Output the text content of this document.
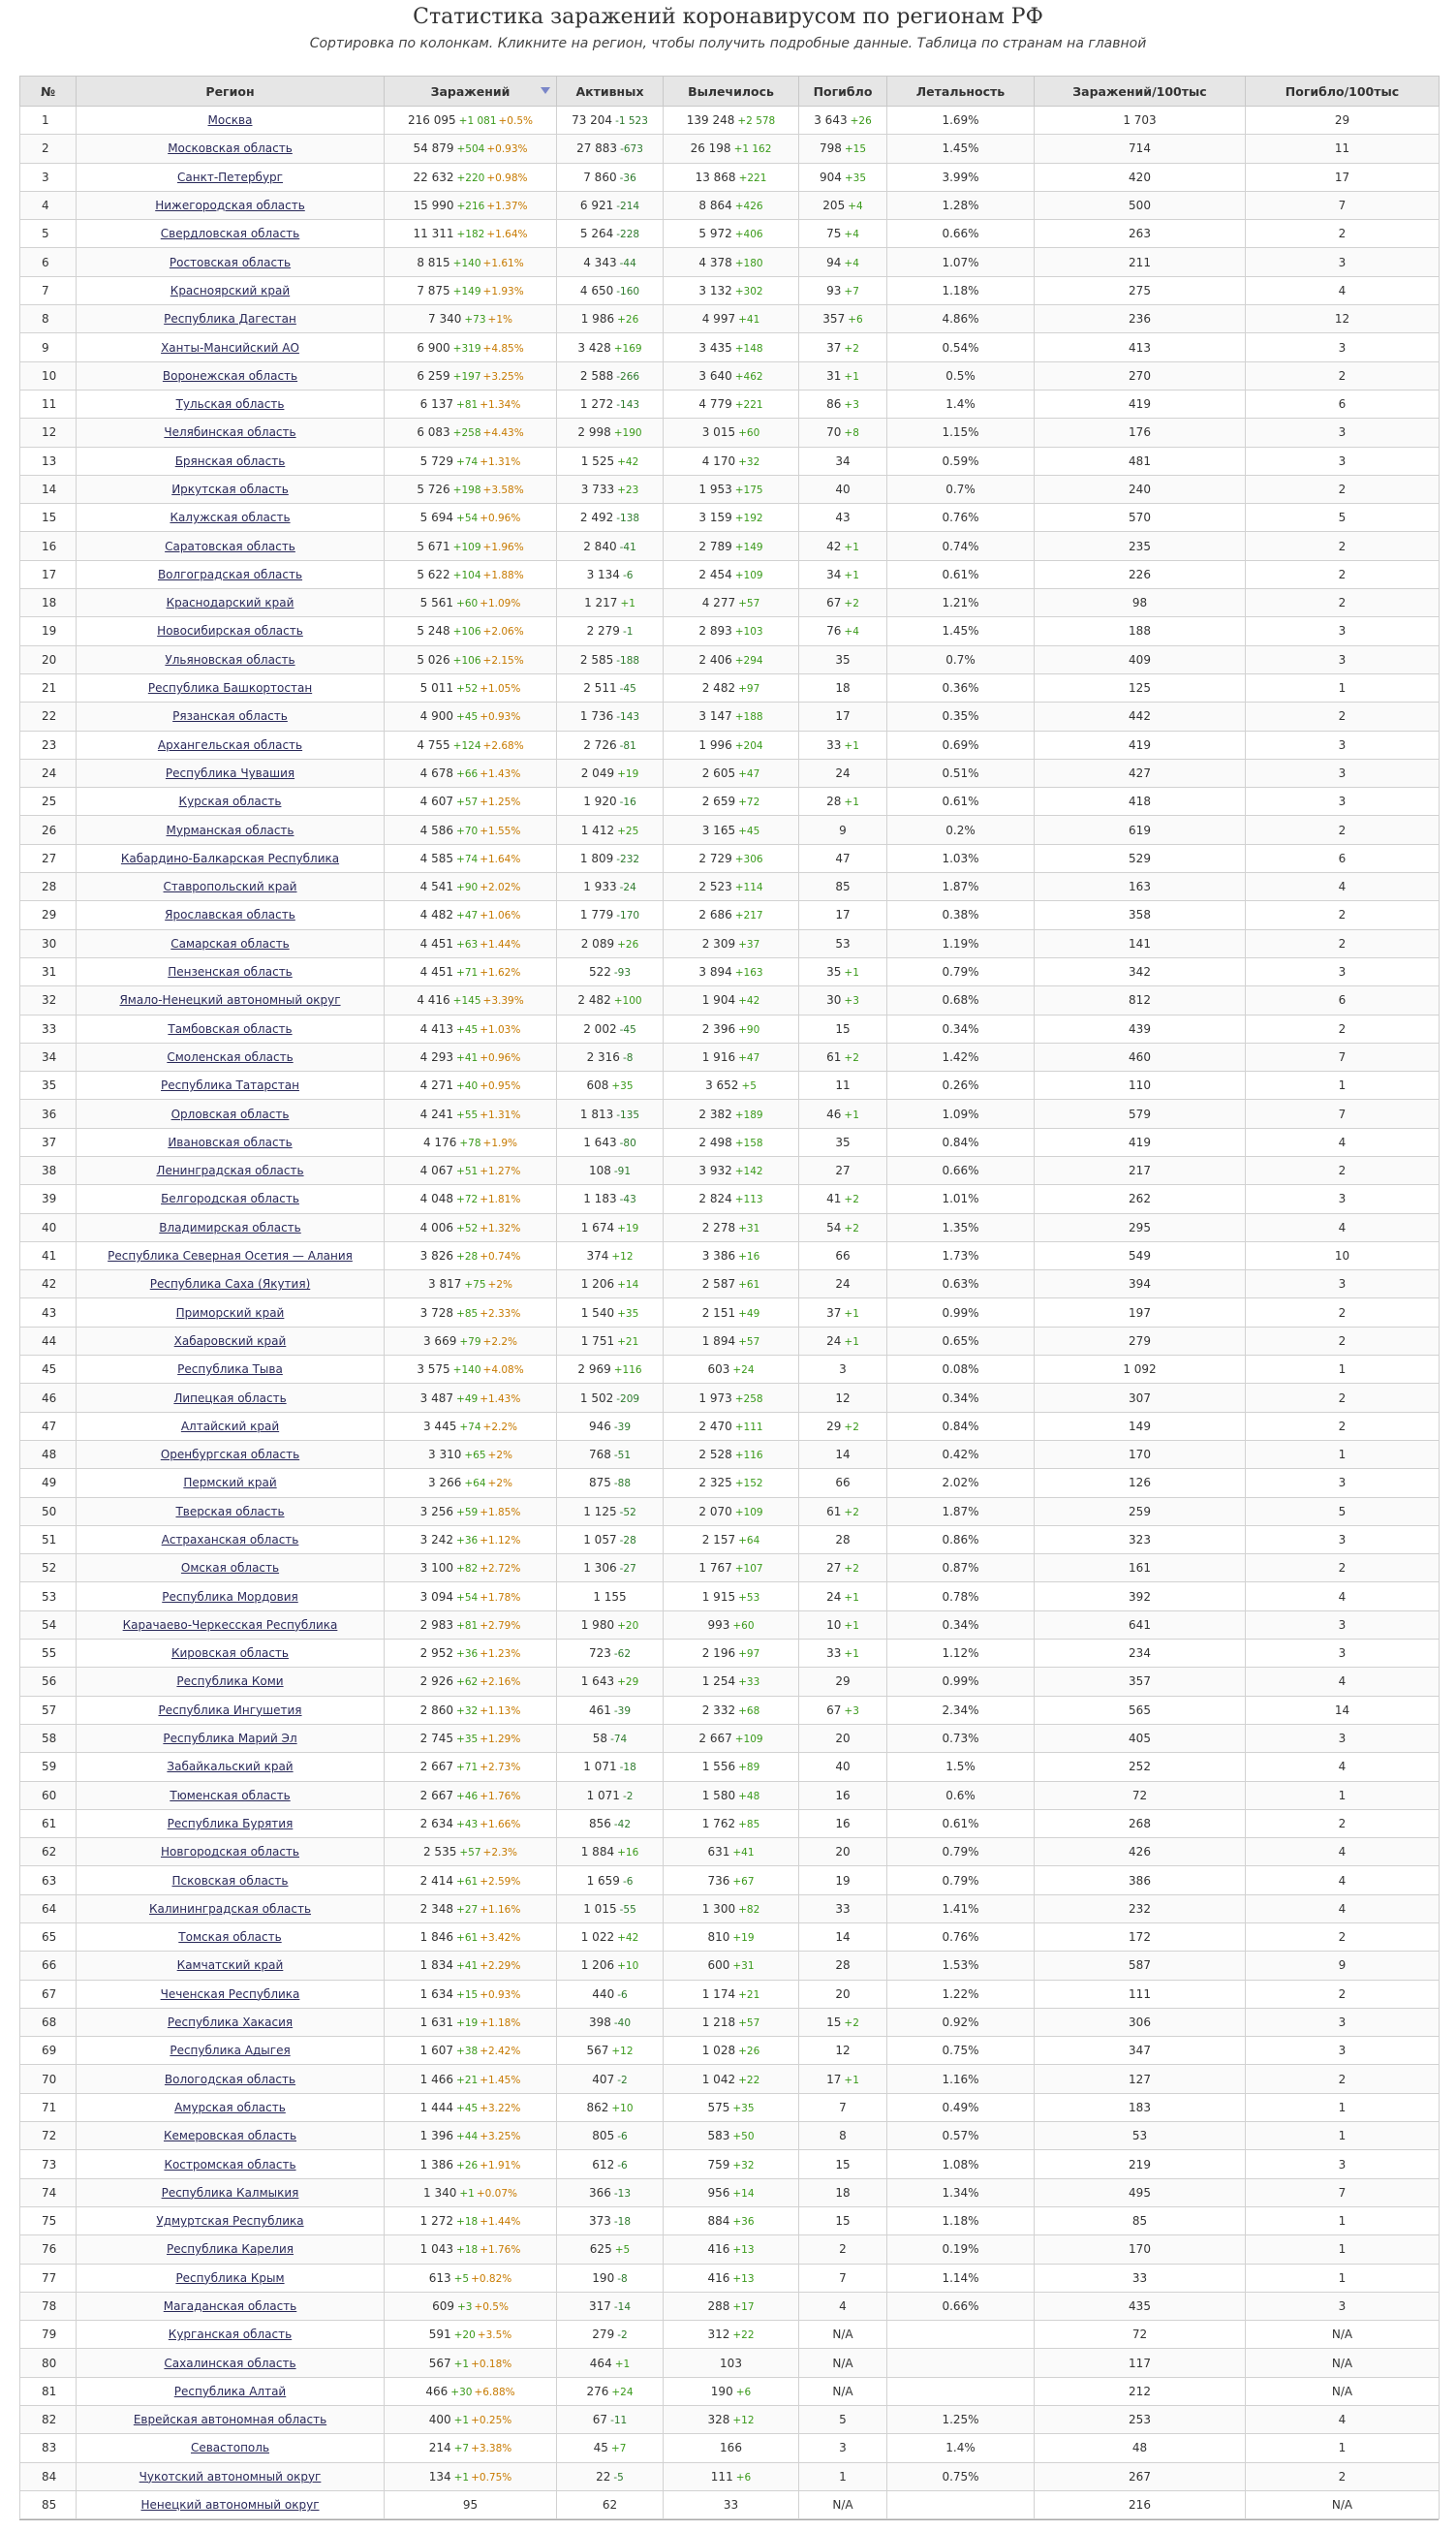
Статистика заражений коронавирусом по регионам РФ
Сортировка по колонкам. Кликните на регион, чтобы получить подробные данные. Таблица по странам на главной
№	Регион	Заражений	Активных	Вылечилось	Погибло	Летальность	Заражений/100тыс	Погибло/100тыс
1	Москва	216 095 +1 081 +0.5%	73 204 -1 523	139 248 +2 578	3 643 +26	1.69%	1 703	29
2	Московская область	54 879 +504 +0.93%	27 883 -673	26 198 +1 162	798 +15	1.45%	714	11
3	Санкт-Петербург	22 632 +220 +0.98%	7 860 -36	13 868 +221	904 +35	3.99%	420	17
4	Нижегородская область	15 990 +216 +1.37%	6 921 -214	8 864 +426	205 +4	1.28%	500	7
5	Свердловская область	11 311 +182 +1.64%	5 264 -228	5 972 +406	75 +4	0.66%	263	2
6	Ростовская область	8 815 +140 +1.61%	4 343 -44	4 378 +180	94 +4	1.07%	211	3
7	Красноярский край	7 875 +149 +1.93%	4 650 -160	3 132 +302	93 +7	1.18%	275	4
8	Республика Дагестан	7 340 +73 +1%	1 986 +26	4 997 +41	357 +6	4.86%	236	12
9	Ханты-Мансийский АО	6 900 +319 +4.85%	3 428 +169	3 435 +148	37 +2	0.54%	413	3
10	Воронежская область	6 259 +197 +3.25%	2 588 -266	3 640 +462	31 +1	0.5%	270	2
11	Тульская область	6 137 +81 +1.34%	1 272 -143	4 779 +221	86 +3	1.4%	419	6
12	Челябинская область	6 083 +258 +4.43%	2 998 +190	3 015 +60	70 +8	1.15%	176	3
13	Брянская область	5 729 +74 +1.31%	1 525 +42	4 170 +32	34	0.59%	481	3
14	Иркутская область	5 726 +198 +3.58%	3 733 +23	1 953 +175	40	0.7%	240	2
15	Калужская область	5 694 +54 +0.96%	2 492 -138	3 159 +192	43	0.76%	570	5
16	Саратовская область	5 671 +109 +1.96%	2 840 -41	2 789 +149	42 +1	0.74%	235	2
17	Волгоградская область	5 622 +104 +1.88%	3 134 -6	2 454 +109	34 +1	0.61%	226	2
18	Краснодарский край	5 561 +60 +1.09%	1 217 +1	4 277 +57	67 +2	1.21%	98	2
19	Новосибирская область	5 248 +106 +2.06%	2 279 -1	2 893 +103	76 +4	1.45%	188	3
20	Ульяновская область	5 026 +106 +2.15%	2 585 -188	2 406 +294	35	0.7%	409	3
21	Республика Башкортостан	5 011 +52 +1.05%	2 511 -45	2 482 +97	18	0.36%	125	1
22	Рязанская область	4 900 +45 +0.93%	1 736 -143	3 147 +188	17	0.35%	442	2
23	Архангельская область	4 755 +124 +2.68%	2 726 -81	1 996 +204	33 +1	0.69%	419	3
24	Республика Чувашия	4 678 +66 +1.43%	2 049 +19	2 605 +47	24	0.51%	427	3
25	Курская область	4 607 +57 +1.25%	1 920 -16	2 659 +72	28 +1	0.61%	418	3
26	Мурманская область	4 586 +70 +1.55%	1 412 +25	3 165 +45	9	0.2%	619	2
27	Кабардино-Балкарская Республика	4 585 +74 +1.64%	1 809 -232	2 729 +306	47	1.03%	529	6
28	Ставропольский край	4 541 +90 +2.02%	1 933 -24	2 523 +114	85	1.87%	163	4
29	Ярославская область	4 482 +47 +1.06%	1 779 -170	2 686 +217	17	0.38%	358	2
30	Самарская область	4 451 +63 +1.44%	2 089 +26	2 309 +37	53	1.19%	141	2
31	Пензенская область	4 451 +71 +1.62%	522 -93	3 894 +163	35 +1	0.79%	342	3
32	Ямало-Ненецкий автономный округ	4 416 +145 +3.39%	2 482 +100	1 904 +42	30 +3	0.68%	812	6
33	Тамбовская область	4 413 +45 +1.03%	2 002 -45	2 396 +90	15	0.34%	439	2
34	Смоленская область	4 293 +41 +0.96%	2 316 -8	1 916 +47	61 +2	1.42%	460	7
35	Республика Татарстан	4 271 +40 +0.95%	608 +35	3 652 +5	11	0.26%	110	1
36	Орловская область	4 241 +55 +1.31%	1 813 -135	2 382 +189	46 +1	1.09%	579	7
37	Ивановская область	4 176 +78 +1.9%	1 643 -80	2 498 +158	35	0.84%	419	4
38	Ленинградская область	4 067 +51 +1.27%	108 -91	3 932 +142	27	0.66%	217	2
39	Белгородская область	4 048 +72 +1.81%	1 183 -43	2 824 +113	41 +2	1.01%	262	3
40	Владимирская область	4 006 +52 +1.32%	1 674 +19	2 278 +31	54 +2	1.35%	295	4
41	Республика Северная Осетия — Алания	3 826 +28 +0.74%	374 +12	3 386 +16	66	1.73%	549	10
42	Республика Саха (Якутия)	3 817 +75 +2%	1 206 +14	2 587 +61	24	0.63%	394	3
43	Приморский край	3 728 +85 +2.33%	1 540 +35	2 151 +49	37 +1	0.99%	197	2
44	Хабаровский край	3 669 +79 +2.2%	1 751 +21	1 894 +57	24 +1	0.65%	279	2
45	Республика Тыва	3 575 +140 +4.08%	2 969 +116	603 +24	3	0.08%	1 092	1
46	Липецкая область	3 487 +49 +1.43%	1 502 -209	1 973 +258	12	0.34%	307	2
47	Алтайский край	3 445 +74 +2.2%	946 -39	2 470 +111	29 +2	0.84%	149	2
48	Оренбургская область	3 310 +65 +2%	768 -51	2 528 +116	14	0.42%	170	1
49	Пермский край	3 266 +64 +2%	875 -88	2 325 +152	66	2.02%	126	3
50	Тверская область	3 256 +59 +1.85%	1 125 -52	2 070 +109	61 +2	1.87%	259	5
51	Астраханская область	3 242 +36 +1.12%	1 057 -28	2 157 +64	28	0.86%	323	3
52	Омская область	3 100 +82 +2.72%	1 306 -27	1 767 +107	27 +2	0.87%	161	2
53	Республика Мордовия	3 094 +54 +1.78%	1 155	1 915 +53	24 +1	0.78%	392	4
54	Карачаево-Черкесская Республика	2 983 +81 +2.79%	1 980 +20	993 +60	10 +1	0.34%	641	3
55	Кировская область	2 952 +36 +1.23%	723 -62	2 196 +97	33 +1	1.12%	234	3
56	Республика Коми	2 926 +62 +2.16%	1 643 +29	1 254 +33	29	0.99%	357	4
57	Республика Ингушетия	2 860 +32 +1.13%	461 -39	2 332 +68	67 +3	2.34%	565	14
58	Республика Марий Эл	2 745 +35 +1.29%	58 -74	2 667 +109	20	0.73%	405	3
59	Забайкальский край	2 667 +71 +2.73%	1 071 -18	1 556 +89	40	1.5%	252	4
60	Тюменская область	2 667 +46 +1.76%	1 071 -2	1 580 +48	16	0.6%	72	1
61	Республика Бурятия	2 634 +43 +1.66%	856 -42	1 762 +85	16	0.61%	268	2
62	Новгородская область	2 535 +57 +2.3%	1 884 +16	631 +41	20	0.79%	426	4
63	Псковская область	2 414 +61 +2.59%	1 659 -6	736 +67	19	0.79%	386	4
64	Калининградская область	2 348 +27 +1.16%	1 015 -55	1 300 +82	33	1.41%	232	4
65	Томская область	1 846 +61 +3.42%	1 022 +42	810 +19	14	0.76%	172	2
66	Камчатский край	1 834 +41 +2.29%	1 206 +10	600 +31	28	1.53%	587	9
67	Чеченская Республика	1 634 +15 +0.93%	440 -6	1 174 +21	20	1.22%	111	2
68	Республика Хакасия	1 631 +19 +1.18%	398 -40	1 218 +57	15 +2	0.92%	306	3
69	Республика Адыгея	1 607 +38 +2.42%	567 +12	1 028 +26	12	0.75%	347	3
70	Вологодская область	1 466 +21 +1.45%	407 -2	1 042 +22	17 +1	1.16%	127	2
71	Амурская область	1 444 +45 +3.22%	862 +10	575 +35	7	0.49%	183	1
72	Кемеровская область	1 396 +44 +3.25%	805 -6	583 +50	8	0.57%	53	1
73	Костромская область	1 386 +26 +1.91%	612 -6	759 +32	15	1.08%	219	3
74	Республика Калмыкия	1 340 +1 +0.07%	366 -13	956 +14	18	1.34%	495	7
75	Удмуртская Республика	1 272 +18 +1.44%	373 -18	884 +36	15	1.18%	85	1
76	Республика Карелия	1 043 +18 +1.76%	625 +5	416 +13	2	0.19%	170	1
77	Республика Крым	613 +5 +0.82%	190 -8	416 +13	7	1.14%	33	1
78	Магаданская область	609 +3 +0.5%	317 -14	288 +17	4	0.66%	435	3
79	Курганская область	591 +20 +3.5%	279 -2	312 +22	N/A		72	N/A
80	Сахалинская область	567 +1 +0.18%	464 +1	103	N/A		117	N/A
81	Республика Алтай	466 +30 +6.88%	276 +24	190 +6	N/A		212	N/A
82	Еврейская автономная область	400 +1 +0.25%	67 -11	328 +12	5	1.25%	253	4
83	Севастополь	214 +7 +3.38%	45 +7	166	3	1.4%	48	1
84	Чукотский автономный округ	134 +1 +0.75%	22 -5	111 +6	1	0.75%	267	2
85	Ненецкий автономный округ	95	62	33	N/A		216	N/A
